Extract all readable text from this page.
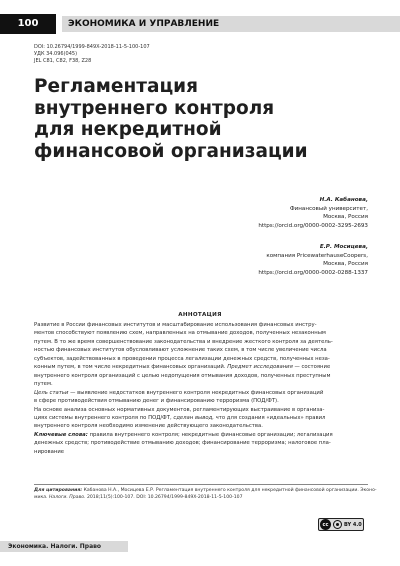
100	ЭКОНОМИКА И УПРАВЛЕНИЕ
DOI: 10.26794/1999-849X-2018-11-5-100-107
УДК 34.096(045)
JEL C81, C82, F38, Z28
Регламентация
внутреннего контроля
для некредитной
финансовой организации
Н.А. Кабанова,
Финансовый университет,
Москва, Россия
https://orcid.org/0000-0002-3295-2693
Е.Р. Мосицева,
компания PricewaterhauseCoopers,
Москва, Россия
https://orcid.org/0000-0002-0288-1337
АННОТАЦИЯ
Развитие в России финансовых институтов и масштабирование использования финансовых инстру-
ментов способствуют появлению схем, направленных на отмывание доходов, полученных незаконным
путем. В то же время совершенствование законодательства и внедрение жесткого контроля за деятель-
ностью финансовых институтов обусловливают усложнение таких схем, в том числе увеличение числа
субъектов, задействованных в проведении процесса легализации денежных средств, полученных неза-
конным путем, в том числе некредитных финансовых организаций. Предмет исследования — состояние
внутреннего контроля организаций с целью недопущения отмывания доходов, полученных преступным
путем.
Цель статьи — выявление недостатков внутреннего контроля некредитных финансовых организаций
в сфере противодействия отмыванию денег и финансированию терроризма (ПОД/ФТ).
На основе анализа основных нормативных документов, регламентирующих выстраивание в организа-
циях системы внутреннего контроля по ПОД/ФТ, сделан вывод, что для создания «идеальных» правил
внутреннего контроля необходимо изменение действующего законодательства.
Ключевые слова: правила внутреннего контроля; некредитные финансовые организации; легализация
денежных средств; противодействие отмыванию доходов; финансирование терроризма; налоговое пла-
нирование
Для цитирования: Кабанова Н.А., Мосицева Е.Р. Регламентация внутреннего контроля для некредитной финансовой организации. Эконо-
мика. Налоги. Право. 2018;11(5):100-107. DOI: 10.26794/1999-849X-2018-11-5-100-107
cc	BY 4.0
Экономика. Налоги. Право
